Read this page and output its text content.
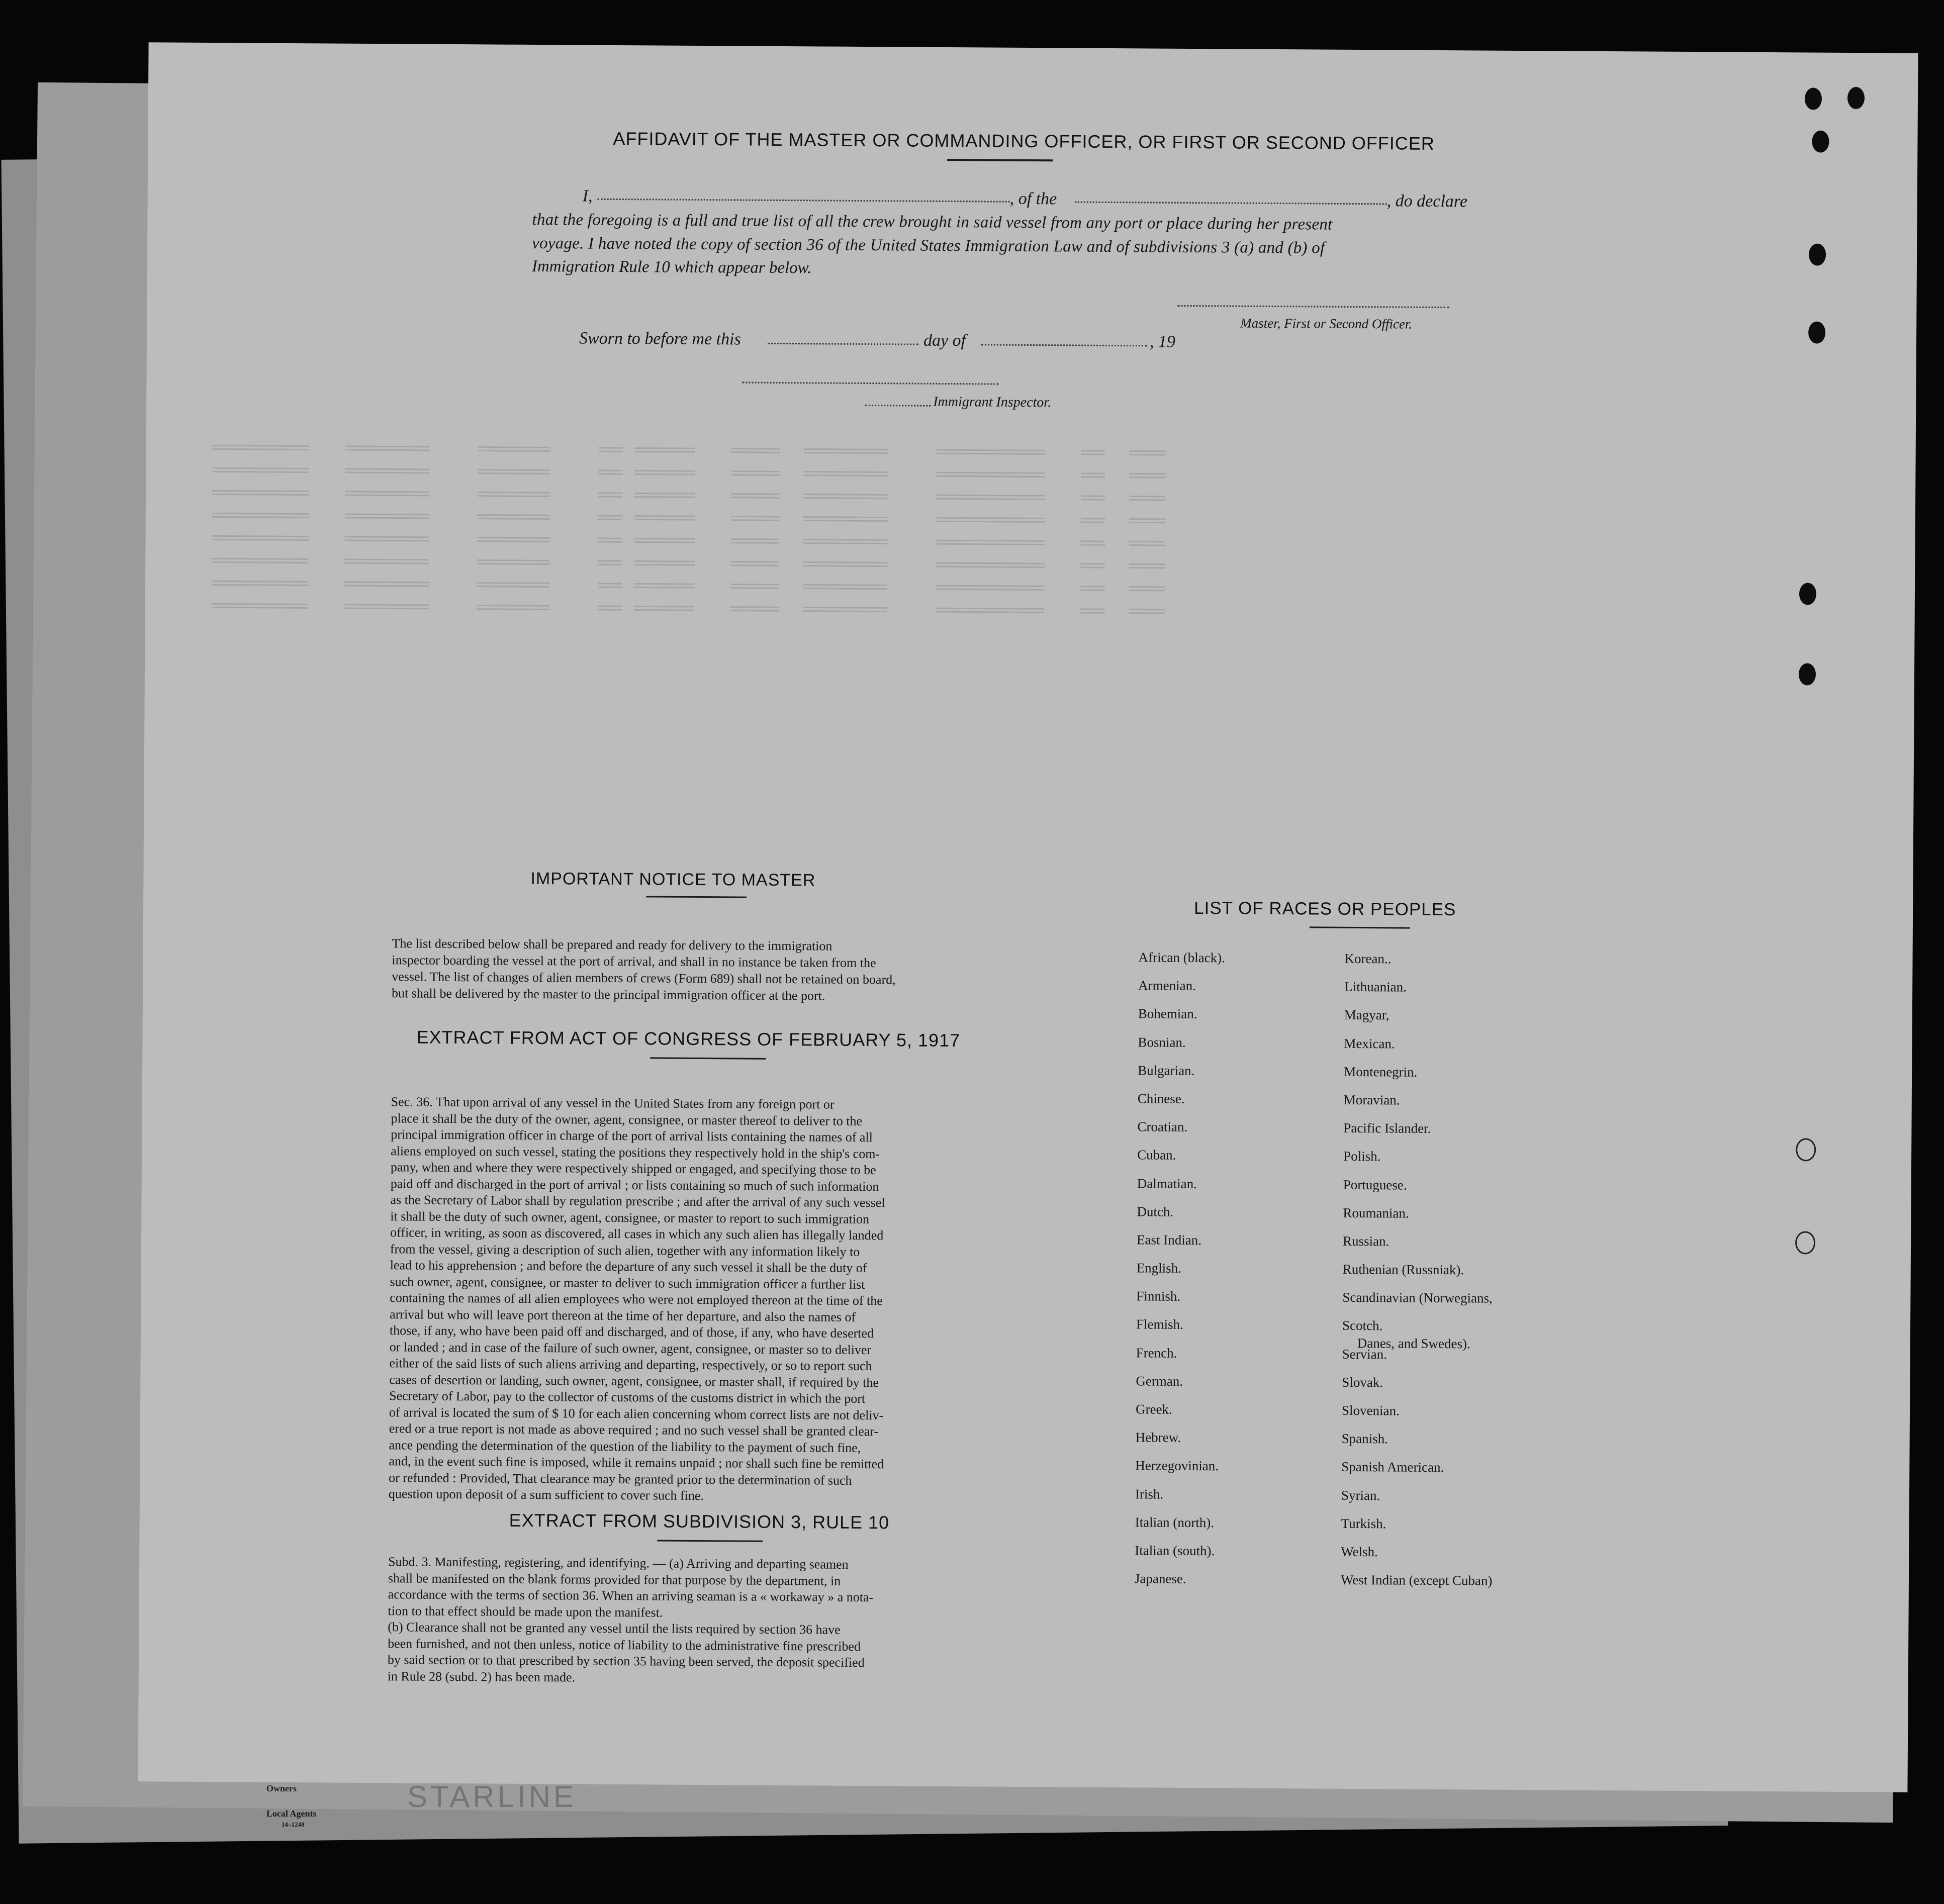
════════   ═══════    ══════    ══ ═════   ════  ═══════    ═════════   ══  ═══
════════   ═══════    ══════    ══ ═════   ════  ═══════    ═════════   ══  ═══
════════   ═══════    ══════    ══ ═════   ════  ═══════    ═════════   ══  ═══
════════   ═══════    ══════    ══ ═════   ════  ═══════    ═════════   ══  ═══
════════   ═══════    ══════    ══ ═════   ════  ═══════    ═════════   ══  ═══
════════   ═══════    ══════    ══ ═════   ════  ═══════    ═════════   ══  ═══
════════   ═══════    ══════    ══ ═════   ════  ═══════    ═════════   ══  ═══
════════   ═══════    ══════    ══ ═════   ════  ═══════    ═════════   ══  ═══
AFFIDAVIT OF THE MASTER OR COMMANDING OFFICER, OR FIRST OR SECOND OFFICER
I,	, of the	, do declare
that the foregoing is a full and true list of all the crew brought in said vessel from any port or place during her present
voyage. I have noted the copy of section 36 of the United States Immigration Law and of subdivisions 3 (a) and (b) of
Immigration Rule 10 which appear below.
Master, First or Second Officer.
Sworn to before me this	day of	, 19
Immigrant Inspector.
IMPORTANT NOTICE TO MASTER
The list described below shall be prepared and ready for delivery to the immigration
inspector boarding the vessel at the port of arrival, and shall in no instance be taken from the
vessel. The list of changes of alien members of crews (Form 689) shall not be retained on board,
but shall be delivered by the master to the principal immigration officer at the port.
EXTRACT FROM ACT OF CONGRESS OF FEBRUARY 5, 1917
Sec. 36. That upon arrival of any vessel in the United States from any foreign port or
place it shall be the duty of the owner, agent, consignee, or master thereof to deliver to the
principal immigration officer in charge of the port of arrival lists containing the names of all
aliens employed on such vessel, stating the positions they respectively hold in the ship's com-
pany, when and where they were respectively shipped or engaged, and specifying those to be
paid off and discharged in the port of arrival ; or lists containing so much of such information
as the Secretary of Labor shall by regulation prescribe ; and after the arrival of any such vessel
it shall be the duty of such owner, agent, consignee, or master to report to such immigration
officer, in writing, as soon as discovered, all cases in which any such alien has illegally landed
from the vessel, giving a description of such alien, together with any information likely to
lead to his apprehension ; and before the departure of any such vessel it shall be the duty of
such owner, agent, consignee, or master to deliver to such immigration officer a further list
containing the names of all alien employees who were not employed thereon at the time of the
arrival but who will leave port thereon at the time of her departure, and also the names of
those, if any, who have been paid off and discharged, and of those, if any, who have deserted
or landed ; and in case of the failure of such owner, agent, consignee, or master so to deliver
either of the said lists of such aliens arriving and departing, respectively, or so to report such
cases of desertion or landing, such owner, agent, consignee, or master shall, if required by the
Secretary of Labor, pay to the collector of customs of the customs district in which the port
of arrival is located the sum of $ 10 for each alien concerning whom correct lists are not deliv-
ered or a true report is not made as above required ; and no such vessel shall be granted clear-
ance pending the determination of the question of the liability to the payment of such fine,
and, in the event such fine is imposed, while it remains unpaid ; nor shall such fine be remitted
or refunded : Provided, That clearance may be granted prior to the determination of such
question upon deposit of a sum sufficient to cover such fine.
EXTRACT FROM SUBDIVISION 3, RULE 10
Subd. 3. Manifesting, registering, and identifying. — (a) Arriving and departing seamen
shall be manifested on the blank forms provided for that purpose by the department, in
accordance with the terms of section 36. When an arriving seaman is a « workaway » a nota-
tion to that effect should be made upon the manifest.
(b) Clearance shall not be granted any vessel until the lists required by section 36 have
been furnished, and not then unless, notice of liability to the administrative fine prescribed
by said section or to that prescribed by section 35 having been served, the deposit specified
in Rule 28 (subd. 2) has been made.
LIST OF RACES OR PEOPLES
African (black).
Armenian.
Bohemian.
Bosnian.
Bulgarian.
Chinese.
Croatian.
Cuban.
Dalmatian.
Dutch.
East Indian.
English.
Finnish.
Flemish.
French.
German.
Greek.
Hebrew.
Herzegovinian.
Irish.
Italian (north).
Italian (south).
Japanese.
Korean..
Lithuanian.
Magyar,
Mexican.
Montenegrin.
Moravian.
Pacific Islander.
Polish.
Portuguese.
Roumanian.
Russian.
Ruthenian (Russniak).
Scandinavian (Norwegians,
Scotch.
Servian.
Slovak.
Slovenian.
Spanish.
Spanish American.
Syrian.
Turkish.
Welsh.
West Indian (except Cuban)
Danes, and Swedes).
Owners
Local Agents
14–1240
STARLINE
